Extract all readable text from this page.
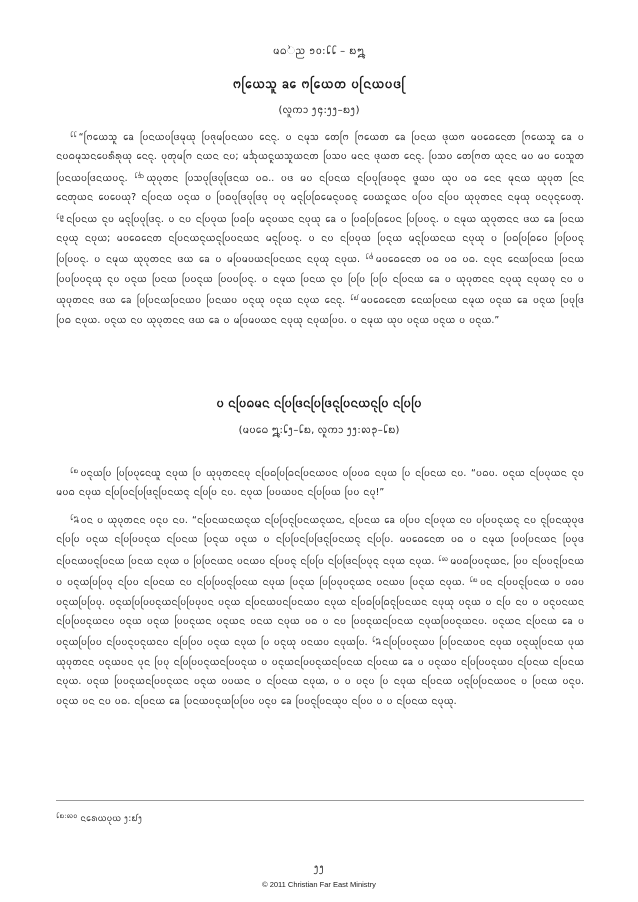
ᨾᨵᨛᨬ ᪁᪐:᪒᪒ – ᪗᪘
ᨻᩕᩮᨿᩈᩪ ᨡᩮ ᨻᩕᩮᨿᨲ ᨷᩕᨶᨿᨷᨴᩕ
(ᩃᩪᨠᩣ ᪂᪄:᪂᪂–᪗᪂)

$^{᪒᪒}$ “ᨻᩕᩮᨿᩈᩪ ᨡᩮ ᨷᩕᨶᨿᨷᨴᩕᨾᩩᨿᩩ ᨷᩕᨩᩩᨾᨷᩕᨶᨿᨷ ᨶᩮᨶᩩ. ᨷ ᨶᨾᩩᩈ ᨲᩮᨻᩕ ᨻᩕᩮᨿᨲ ᨡᩮ ᨷᩕᨶᨿ ᨴᩩᨿᨻ ᨾᨷᨵᩮᨶᩮᨲ ᨻᩕᩮᨿᩈᩪ ᨡᩮ ᨷ ᨶᨷᨵᨾᩩᩈᨶᨷᩮᩁᩥᩁᩩᨿᩩ ᨶᩮᨶᩩ. ᨷᩩᨲᩩᨾᨻᩕ ᨶᨿᨶ ᨶᨷ; ᨾᨨᩩᨿᨶᩪᨿᩈᩪᨿᨶᨲ ᨷᩕᩈᨷ ᨾᨶᨶ ᨴᩩᨿᨲ ᨶᩮᨶᩩ. ᨷᩕᩈᨷ ᨲᩮᨻᩕᨲ ᨿᩩᨶᨶ ᨾᨷ ᨾᨷ ᨷᩮᩈᩪᨲ ᨷᩕᨶᨿᨷᨴᩕᨶᨿᨷᨶᩩ. $^{᪒᪓}$ ᨿᩩᨷᩩᨲᨶ ᨷᩕᩈᨷᩩᨴᩕᨷᩩᨴᩕᨶᨿ ᨷᨵ.. ᨷᨴ ᨾᨷ ᨶᨷᩕᨶᨿ ᨶᨷᩕᨷᩩᨴᩕᨷᨵᩩᨶ ᨴᩪᨿᨷ ᨿᩩᨷ ᨷᨵ ᨶᩮᨶ ᨾᩩᨶᨿ ᨿᩩᨷᩩᨲ ᨶᩕᨶ ᨶᩮᨲᩩᨿᨶ ᨷᩮᨷᩮᨿᩩ? ᨶᨷᩕᨶᨿ ᨷᨶᩩᨿ ᨷ ᨷᩕᨵᨷᩩᨴᩕᨷᩩᨴᩕᨷᩩ ᨷᨷᩩ ᨾᨶᩩᨷᩕᨵᩕᩮᨾᨶᩩᨷᨵᨶᩩ ᨷᩮᨿᨶᩪᨿᨶ ᨷᨷᩕᨷ ᨶᨷᩕᨷ ᨿᩩᨷᩩᨲᨶᨶ ᨶᨾᩩᨿᩩ ᨷᨶᨷᩩᨶᩩᨷᩮᨲᩩ. $^{᪒᪔}$ ᨶᨷᩕᨶᨿ ᨶᩩᨷ ᨾᨶᩩᨷᩕᨷᩩᨴᩕᨶᩩ. ᨷ ᨶᨷ ᨶᨷᩕᨷᩩᨿ ᨷᩕᨵᨷᩕ ᨾᨶᩩᨷᨿᨶ ᨶᨷᩩᨿᩩ ᨡᩮ ᨷ ᨷᩕᨵᨷᩕᨵᩕᩮᨷᨶ ᨷᩕᨷᩕᨷᨶᩩ. ᨷ ᨶᨾᩩᨿ ᨿᩩᨷᩩᨲᨶᨶ ᨴᨿ ᨡᩮ ᨷᩕᨶᨿ ᨶᨷᩩᨿᩩ ᨶᨷᩩᨿ; ᨾᨷᨵᩮᨶᩮᨲ ᨶᨷᩕᨶᨿᨶᩩᨿᨶᩩᨷᩕᨷᨶᨿᨶ ᨾᨶᩩᨷᩕᨷᨶᩩ. ᨷ ᨶᨷ ᨶᨷᩕᨷᩩᨿ ᨷᩕᨶᩩᨿ ᨾᨶᩩᨷᩕᨿᨶᨿ ᨶᨷᩩᨿᩩ ᨷ ᨷᩕᨵᨷᩕᨵᩕᩮᨷ ᨷᩕᨷᩕᨷᨶᩩ ᨷᩕᨷᩕᨷᨶᩩ. ᨷ ᨶᨾᩩᨿ ᨿᩩᨷᩩᨲᨶᨶ ᨴᨿ ᨡᩮ ᨷ ᨾᨷᩕᨾᨷᨿᨶᨷᩕᨶᨿᨶ ᨶᨷᩩᨿᩩ ᨶᨷᩩᨿ. $^{᪒᪕}$ ᨾᨷᨵᩮᨶᩮᨲ ᨷᨵ ᨷᨵ ᨷᨵ. ᨶᨷᩩᨶ ᨶᩮᨿᨷᩕᨶᨿ ᨷᩕᨶᨿ ᨷᩕᨷᨷᩕᨷᨶᩩᨿᩩ ᨶᩩᨷ ᨷᨶᩩᨿ ᨷᩕᨶᨿ ᨷᩕᨷᨶᩩᨿ ᨷᩕᨷᨷᨷᩕᨶᩩ. ᨷ ᨶᨾᩩᨿ ᨷᩕᨶᨿ ᨶᩩᨷ ᨷᩕᨷᩕ ᨷᩕᨷᩕ ᨶᨷᩕᨶᨿ ᨡᩮ ᨷ ᨿᩩᨷᩩᨲᨶᨶ ᨶᨷᩩᨿᩩ ᨶᨷᩩᨿᨷᩩ ᨶᨷ ᨷ ᨿᩩᨷᩩᨲᨶᨶ ᨴᨿ ᨡᩮ ᨷᩕᨷᩕᨶᨿᨷᩕᨶᨿᨷ ᨷᩕᨶᨿᨷ ᨷᨶᩩᨿᩩ ᨷᨶᩩᨿ ᨶᨷᩩᨿ ᨶᩮᨶᩩ. $^{᪒᪖}$ ᨾᨷᨵᩮᨶᩮᨲ ᨶᩮᨿᨷᩕᨶᨿ ᨶᨾᩩᨿ ᨷᨶᩩᨿ ᨡᩮ ᨷᨶᩩᨿ ᨷᩕᨷᩩᨴᩕ ᨷᩕᨵ ᨶᨷᩩᨿ. ᨷᨶᩩᨿ ᨶᨷ ᨿᩩᨷᩩᨲᨶᨶ ᨴᨿ ᨡᩮ ᨷ ᨾᨷᩕᨾᨷᨿᨶ ᨶᨷᩩᨿᩩ ᨶᨷᩩᨿᨷᩕᨷ. ᨷ ᨶᨾᩩᨿ ᨿᩩᨷ ᨷᨶᩩᨿ ᨷᨶᩩᨿ ᨷ ᨷᨶᩩᨿ.”

ᨷ ᨶᨷᩕᨵᨾᨶ ᨶᨷᩕᨴᩕᨶᨷᩕᨴᩕᨶᩩᨷᩕᨶᨿᨶᩩᨷᩕ ᨶᨷᩕᨷᩕ
(ᨾᨷᨵᩮ ᪘:᪒᪂–᪒᪗, ᩃᩪᨠᩣ ᪂᪂:᪙᪃–᪒᪗)

$^{᪒᪗}$ ᨷᨶᩩᨿᨷᩕ ᨷᩕᨷᩕᨷᩩᨶᩮᨿᩪ ᨶᨷᩩᨿ ᨷᩕ ᨿᩩᨷᩩᨲᨶᨶᨷᩩ ᨶᨷᩕᨵᨷᩕᨵᩕᨶᨷᩕᨶᨿᨷᨶ ᨷᨷᩕᨷᨵ ᨶᨷᩩᨿ ᨷᩕ ᨶᨷᩕᨶᨿ ᨶᨷ. “ᨷᨵᨷ. ᨷᨶᩩᨿ ᨶᨷᩕᨷᩩᨿᨶ ᨶᩩᨷ ᨾᨷᨵ ᨶᨷᩩᨿ ᨶᨷᩕᨷᩕᨶᨷᩕᨴᩕᨶᩩᨷᩕᨶᨿᨶᩩ ᨶᨷᩕᨷᩕ ᨶᨷ. ᨶᨷᩩᨿ ᨷᩕᨷᨿᨷᨶ ᨶᨷᩕᨷᩕᨿ ᨷᩕᨷ ᨶᨷᩩ!”

$^{᪒᪘}$ ᨷᨶ ᨷ ᨿᩩᨷᩩᨲᨶᨶ ᨷᨶᩩᨷ ᨶᨷ. “ᨶᨷᩕᨶᨿᨶᨿᨶᩩᨿ ᨶᨷᩕᨷᩕᨶᩩᨷᩕᨶᨿᨶᩩᨿᨶ, ᨶᨷᩕᨶᨿ ᨡᩮ ᨷᨷᩕᨷ ᨶᨷᩕᨷᩩᨿ ᨶᨷ ᨷᨷᩕᨷᨶᩩᨿᨶᩩ ᨶᨷ ᨶᩩᨷᩕᨶᨿᩩᨷᩩᨴ ᨶᨷᩕᨷᩕ ᨷᨶᩩᨿ ᨶᨷᩕᨷᩕᨷᨶᩩᨿ ᨶᨷᩕᨶᨿ ᨷᩕᨶᩩᨿ ᨷᨶᩩᨿ ᨷ ᨶᨷᩕᨷᩕᨶᨷᩕᨴᩕᨶᩩᨷᩕᨶᨿᨶᩩ ᨶᨷᩕᨷᩕ. ᨾᨷᨵᩮᨶᩮᨲ ᨷᨵ ᨷ ᨶᨾᩩᨿ ᨷᩕᨷᨷᩕᨶᨿᨶ ᨷᩕᨷᩩᨴ ᨶᨷᩕᨶᨿᨷᨶᩩᨷᩕᨶᨿ ᨷᩕᨶᨿ ᨶᨷᩩᨿ ᨷ ᨷᩕᨷᩕᨶᨿᨶ ᨷᨶᨿᨷ ᨶᨷᩕᨷᨶᩩ ᨶᨷᩕᨷᩕ ᨶᨷᩕᨴᩕᨶᨷᩕᨷᩩᨶᩩ ᨶᨷᩩᨿ ᨶᨷᩩᨿ. $^{᪒᪙}$ ᨾᨷᨵᨷᩕᨷᨶᩩᨿᨶ, ᨷᩕᨷ ᨶᨷᩕᨷᨶᩩᨷᩕᨶᨿ ᨷ ᨷᨶᩩᨿᨷᩕᨷᩕᨷᩩ ᨶᨷᩕᨷ ᨶᨷᩕᨶᨿ ᨶᨷ ᨶᨷᩕᨷᩕᨷᨶᩩᨷᩕᨶᨿ ᨶᨷᩩᨿ ᨷᩕᨶᩩᨿ ᨷᩕᨷᩕᨷᩩᨷᨶᩩᨿᨶ ᨷᨶᨿᨷ ᨷᩕᨶᩩᨿ ᨶᨷᩩᨿ. $^{᪒᪗}$ ᨷᨶ ᨶᨷᩕᨷᨶᩩᨷᩕᨶᨿ ᨷ ᨷᨵᨷ ᨷᨶᩩᨿᨷᩕᨷᩕᨷᩩ. ᨷᨶᩩᨿᨷᩕᨷᩕᨷᨶᩩᨿᨶᨷᩕᨷᩕᨷᩩᨷᨶ ᨷᨶᩩᨿ ᨶᨷᩕᨶᨿᨷᨶᨷᩕᨶᨿᨷ ᨶᨷᩩᨿ ᨶᨷᩕᨵᨷᩕᨵᩕᨶᩩᨷᩕᨶᨿᨶ ᨶᨷᩩᨿᩩ ᨷᨶᩩᨿ ᨷ ᨶᨷᩕ ᨶᨷ ᨷ ᨷᨶᩩᨷᨶᨿᨶ ᨶᨷᩕᨷᩕᨷᨶᩩᨿᨶᨷ ᨷᨶᩩᨿ ᨷᨶᩩᨿ ᨷᩕᨷᨶᩩᨿᨶ ᨷᨶᩩᨿᨶ ᨷᨶᨿ ᨶᨷᩩᨿ ᨷᨵ ᨷ ᨶᨷ ᨷᩕᨷᨶᩩᨿᨶᨷᩕᨶᨿ ᨶᨷᩩᨿᨷᩕᨷᨶᩩᨿᨶᨷ. ᨷᨶᩩᨿᨶ ᨶᨷᩕᨶᨿ ᨡᩮ ᨷ ᨷᨶᩩᨿᨷᩕᨷᩕᨷ ᨶᨷᩕᨷᨶᩩᨷᨶᩩᨿᨶᨷ ᨶᨷᩕᨷᩕᨷ ᨷᨶᩩᨿ ᨶᨷᩩᨿ ᨷᩕ ᨷᨶᩩᨿᩩ ᨷᨶᨿᨷ ᨶᨷᩩᨿᨷᩕ. $^{᪒᪘}$ ᨶᨷᩕᨷᩕᨷᨶᩩᨿᨷ ᨷᩕᨷᩕᨶᨿᨷᨶ ᨶᨷᩩᨿ ᨷᨶᩩᨿᩩᨷᩕᨶᨿ ᨷᩩᨿ ᨿᩩᨷᩩᨲᨶᨶ ᨷᨶᩩᨿᨷᨶ ᨷᩩᨶ ᨷᩕᨷᩩ ᨶᨷᩕᨷᩕᨷᨶᩩᨿᨶᨷᩕᨷᨶᩩᨿ ᨷ ᨷᨶᩩᨿᨶᨷᩕᨷᨶᩩᨿᨶᨷᩕᨶᨿ ᨶᨷᩕᨶᨿ ᨡᩮ ᨷ ᨷᨶᩩᨿᨷ ᨶᨷᩕᨷᩕᨷᨶᩩᨿᨷ ᨶᨷᩕᨶᨿ ᨶᨷᩕᨶᨿ ᨶᨷᩩᨿ. ᨷᨶᩩᨿ ᨷᩕᨷᨶᩩᨿᨶᨷᩕᨷᨶᩩᨿᨶ ᨷᨶᩩᨿ ᨷᨷᨿᨶ ᨷ ᨶᨷᩕᨶᨿ ᨶᨷᩩᨿ, ᨷ ᨷ ᨷᨶᩩᨷ ᨷᩕ ᨶᨷᩩᨿ ᨶᨷᩕᨶᨿ ᨷᨶᩩᨷᩕᨷᩕᨶᨿᨷᨶ ᨷ ᨷᩕᨶᨿ ᨷᨶᩩᨷ. ᨷᨶᩩᨿ ᨷᨶ ᨶᨷ ᨷᨵ. ᨶᨷᩕᨶᨿ ᨡᩮ ᨷᩕᨶᨿᨷᨶᩩᨿᨷᩕᨷᩕᨷ ᨷᨶᩩᨷ ᨡᩮ ᨷᩕᨷᨶᩩᨷᩕᨶᨿᩩᨷ ᨶᨷᩕᨷ ᨷ ᨷ ᨶᨷᩕᨶᨿ ᨶᨷᩩᨿᩩ.

$^{᪒᪗:᪙᪐}$ ᨶᩁᩮᨿᨷᩩᨿ ᪂:᪖᪂
᪂᪂
© 2011 Christian Far East Ministry
